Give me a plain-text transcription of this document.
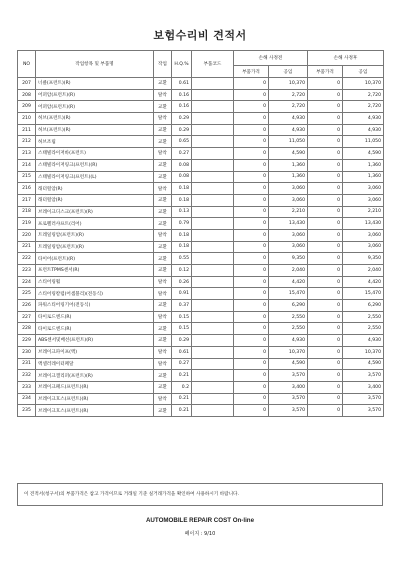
보험수리비 견적서
NO	작업항목 및 부품명	작업	H.Q.%	부품코드	손해 사정전		손해 사정후	
					부품가격	공임	부품가격	공임
207	너클(프런트)(R)	교환	0.61		0	10,370	0	10,370
208	어퍼암(프런트)(R)	탈착	0.16		0	2,720	0	2,720
209	어퍼암(프런트)(R)	교환	0.16		0	2,720	0	2,720
210	허브(프런트)(R)	탈착	0.29		0	4,930	0	4,930
211	허브(프런트)(R)	교환	0.29		0	4,930	0	4,930
212	허브조립	교환	0.65		0	11,050	0	11,050
213	스태빌라이저바(프런트)	탈착	0.27		0	4,590	0	4,590
214	스태빌라이저링크(프런트)(R)	교환	0.08		0	1,360	0	1,360
215	스태빌라이저링크(프런트)(L)	교환	0.08		0	1,360	0	1,360
216	래터럴암(R)	탈착	0.18		0	3,060	0	3,060
217	래터럴암(R)	교환	0.18		0	3,060	0	3,060
218	브레이크디스크(프런트)(R)	교환	0.13		0	2,210	0	2,210
219	프로펠러샤프트(리어)	교환	0.79		0	13,430	0	13,430
220	트레일링암(프런트)(R)	탈착	0.18		0	3,060	0	3,060
221	트레일링암(프런트)(R)	교환	0.18		0	3,060	0	3,060
222	타이어(프런트)(R)	교환	0.55		0	9,350	0	9,350
223	프런트TPMS센서(R)	교환	0.12		0	2,040	0	2,040
224	스티어링휠	탈착	0.26		0	4,420	0	4,420
225	스티어링칼럼(어셈블리)(전동식)	탈착	0.91		0	15,470	0	15,470
226	파워스티어링기어(전동식)	교환	0.37		0	6,290	0	6,290
227	타이로드엔드(R)	탈착	0.15		0	2,550	0	2,550
228	타이로드엔드(R)	교환	0.15		0	2,550	0	2,550
229	ABS센서및배선(프런트)(R)	교환	0.29		0	4,930	0	4,930
230	브레이크파이프(액)	탈착	0.61		0	10,370	0	10,370
231	액셀러레이터페달	탈착	0.27		0	4,590	0	4,590
232	브레이크캘리퍼(프런트)(R)	교환	0.21		0	3,570	0	3,570
233	브레이크패드(프런트)(R)	교환	0.2		0	3,400	0	3,400
234	브레이크호스(프런트)(R)	탈착	0.21		0	3,570	0	3,570
235	브레이크호스(프런트)(R)	교환	0.21		0	3,570	0	3,570
이 견적서(청구서)의 부품가격은 참고 가격이므로 거래일 기준 실거래가격을 확인하여 사용하시기 바랍니다.
AUTOMOBILE REPAIR COST On-line
페이지 : 9/10
